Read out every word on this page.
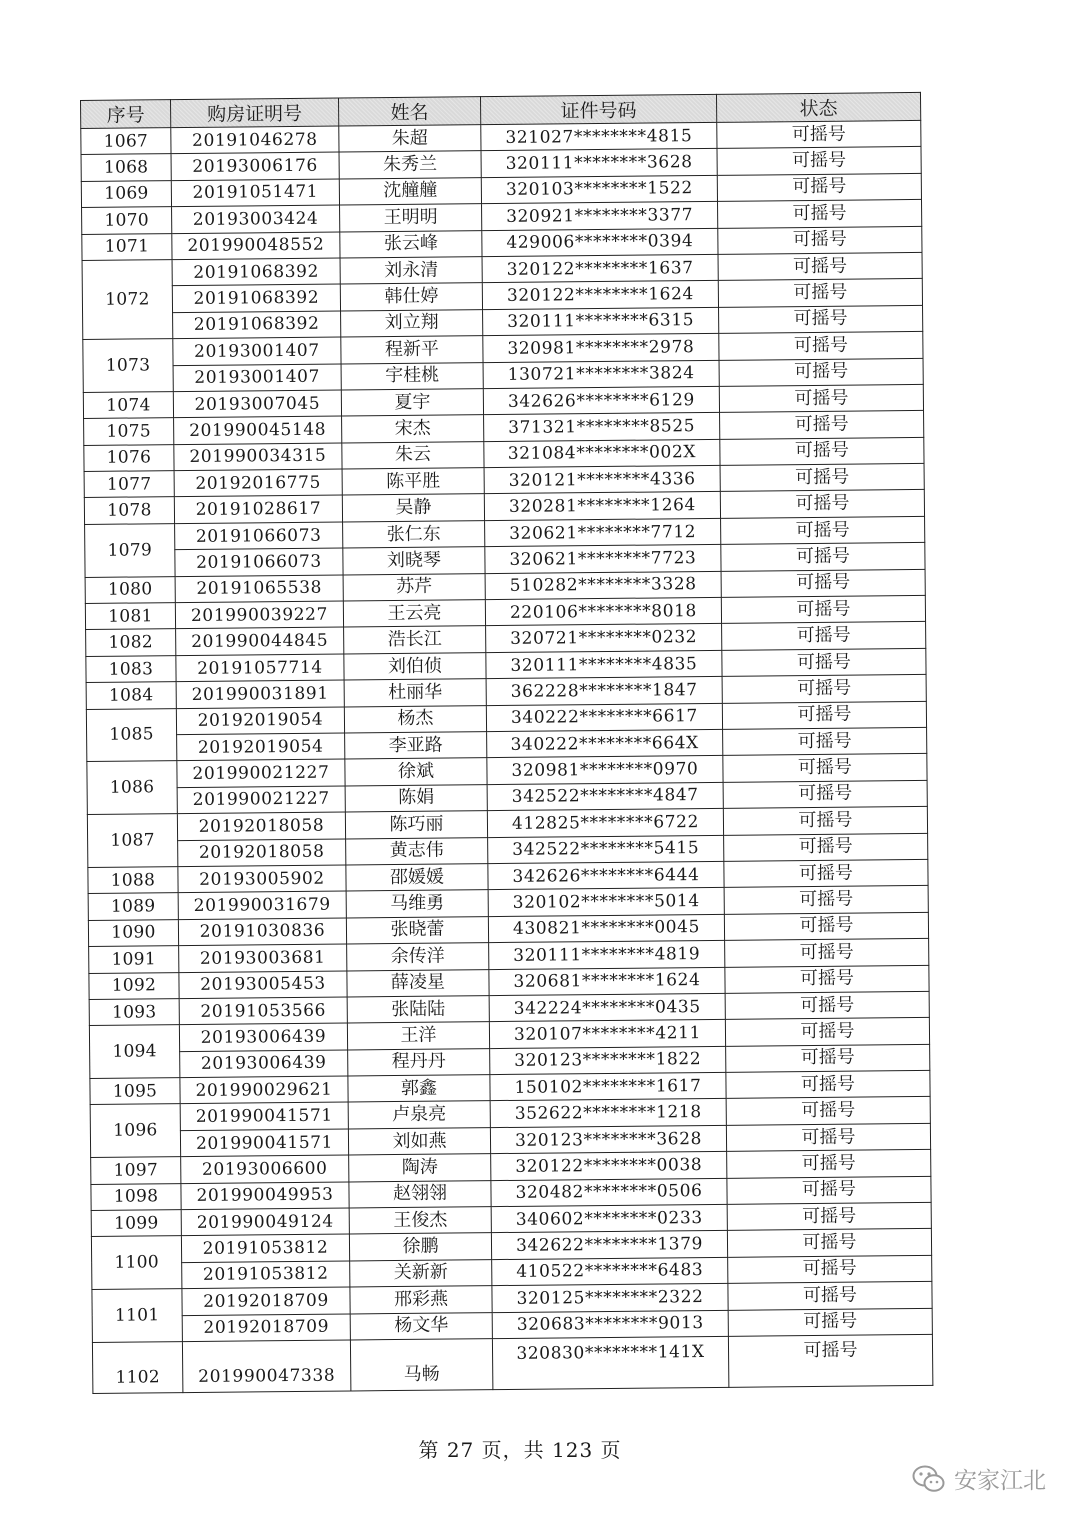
序号	购房证明号	姓名	证件号码	状态
1067	20191046278	朱超	321027********4815	可摇号
1068	20193006176	朱秀兰	320111********3628	可摇号
1069	20191051471	沈艟艟	320103********1522	可摇号
1070	20193003424	王明明	320921********3377	可摇号
1071	201990048552	张云峰	429006********0394	可摇号
1072	20191068392	刘永清	320122********1637	可摇号
	20191068392	韩仕婷	320122********1624	可摇号
	20191068392	刘立翔	320111********6315	可摇号
1073	20193001407	程新平	320981********2978	可摇号
	20193001407	宇桂桃	130721********3824	可摇号
1074	20193007045	夏宇	342626********6129	可摇号
1075	201990045148	宋杰	371321********8525	可摇号
1076	201990034315	朱云	321084********002X	可摇号
1077	20192016775	陈平胜	320121********4336	可摇号
1078	20191028617	吴静	320281********1264	可摇号
1079	20191066073	张仁东	320621********7712	可摇号
	20191066073	刘晓琴	320621********7723	可摇号
1080	20191065538	苏芹	510282********3328	可摇号
1081	201990039227	王云亮	220106********8018	可摇号
1082	201990044845	浩长江	320721********0232	可摇号
1083	20191057714	刘伯侦	320111********4835	可摇号
1084	201990031891	杜丽华	362228********1847	可摇号
1085	20192019054	杨杰	340222********6617	可摇号
	20192019054	李亚路	340222********664X	可摇号
1086	201990021227	徐斌	320981********0970	可摇号
	201990021227	陈娟	342522********4847	可摇号
1087	20192018058	陈巧丽	412825********6722	可摇号
	20192018058	黄志伟	342522********5415	可摇号
1088	20193005902	邵媛媛	342626********6444	可摇号
1089	201990031679	马维勇	320102********5014	可摇号
1090	20191030836	张晓蕾	430821********0045	可摇号
1091	20193003681	余传洋	320111********4819	可摇号
1092	20193005453	薛凌星	320681********1624	可摇号
1093	20191053566	张陆陆	342224********0435	可摇号
1094	20193006439	王洋	320107********4211	可摇号
	20193006439	程丹丹	320123********1822	可摇号
1095	201990029621	郭鑫	150102********1617	可摇号
1096	201990041571	卢泉亮	352622********1218	可摇号
	201990041571	刘如燕	320123********3628	可摇号
1097	20193006600	陶涛	320122********0038	可摇号
1098	201990049953	赵翎翎	320482********0506	可摇号
1099	201990049124	王俊杰	340602********0233	可摇号
1100	20191053812	徐鹏	342622********1379	可摇号
	20191053812	关新新	410522********6483	可摇号
1101	20192018709	邢彩燕	320125********2322	可摇号
	20192018709	杨文华	320683********9013	可摇号
1102	201990047338	马畅	320830********141X	可摇号
第 27 页，共 123 页
安家江北
